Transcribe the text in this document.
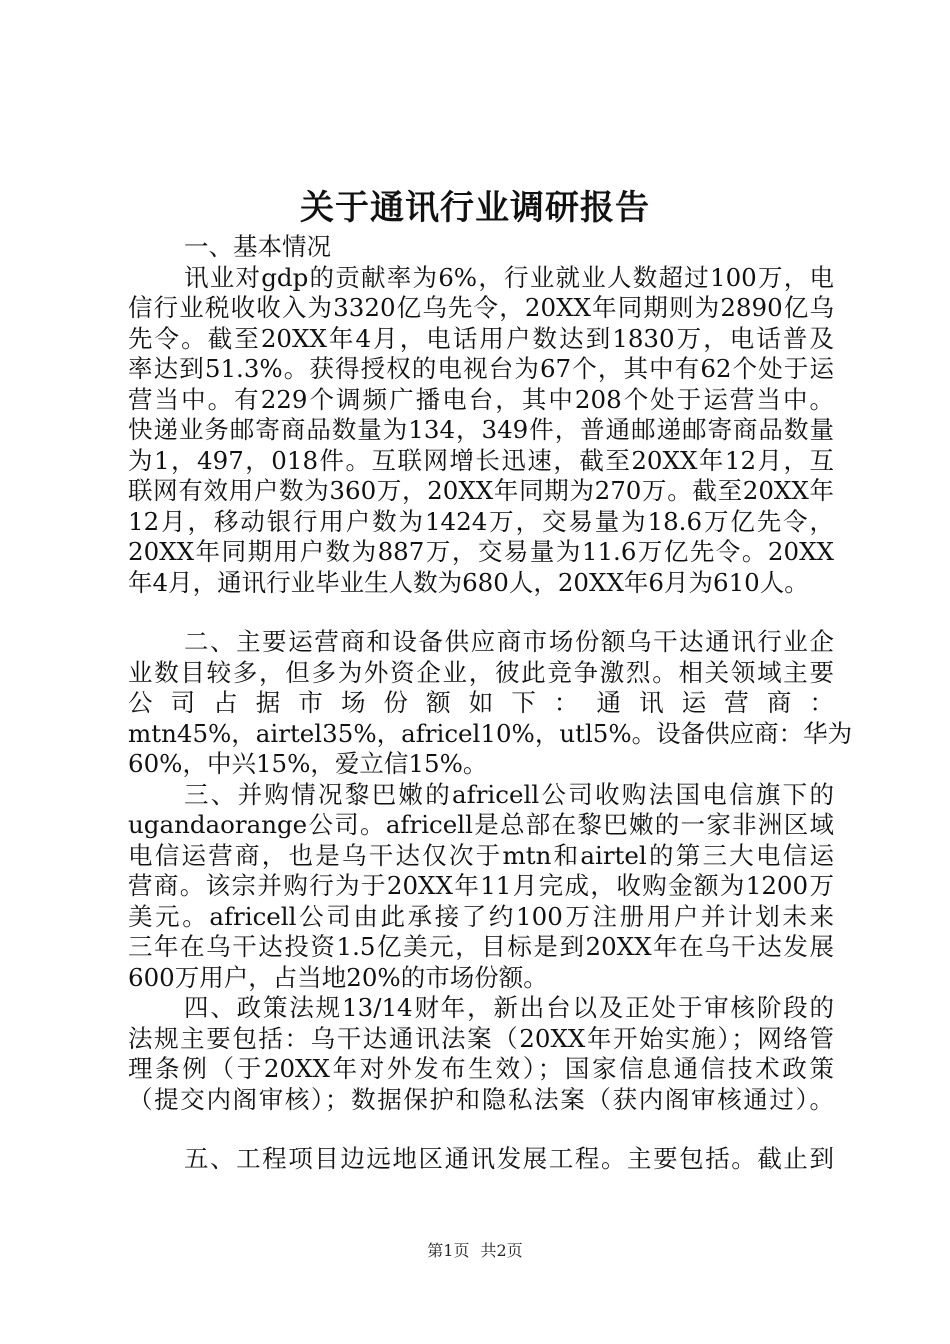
关于通讯行业调研报告
一、基本情况
讯业对gdp的贡献率为6%，行业就业人数超过100万，电
信行业税收收入为3320亿乌先令，20XX年同期则为2890亿乌
先令。截至20XX年4月，电话用户数达到1830万，电话普及
率达到51.3%。获得授权的电视台为67个，其中有62个处于运
营当中。有229个调频广播电台，其中208个处于运营当中。
快递业务邮寄商品数量为134，349件，普通邮递邮寄商品数量
为1，497，018件。互联网增长迅速，截至20XX年12月，互
联网有效用户数为360万，20XX年同期为270万。截至20XX年
12月，移动银行用户数为1424万，交易量为18.6万亿先令，
20XX年同期用户数为887万，交易量为11.6万亿先令。20XX
年4月，通讯行业毕业生人数为680人，20XX年6月为610人。
二、主要运营商和设备供应商市场份额乌干达通讯行业企
业数目较多，但多为外资企业，彼此竞争激烈。相关领域主要
公司占据市场份额如下：通讯运营商：
mtn45%，airtel35%，africel10%，utl5%。设备供应商：华为
60%，中兴15%，爱立信15%。
三、并购情况黎巴嫩的africell公司收购法国电信旗下的
ugandaorange公司。africell是总部在黎巴嫩的一家非洲区域
电信运营商，也是乌干达仅次于mtn和airtel的第三大电信运
营商。该宗并购行为于20XX年11月完成，收购金额为1200万
美元。africell公司由此承接了约100万注册用户并计划未来
三年在乌干达投资1.5亿美元，目标是到20XX年在乌干达发展
600万用户，占当地20%的市场份额。
四、政策法规13/14财年，新出台以及正处于审核阶段的
法规主要包括：乌干达通讯法案（20XX年开始实施）；网络管
理条例（于20XX年对外发布生效）；国家信息通信技术政策
（提交内阁审核）；数据保护和隐私法案（获内阁审核通过）。
五、工程项目边远地区通讯发展工程。主要包括。截止到
第1页 共2页
